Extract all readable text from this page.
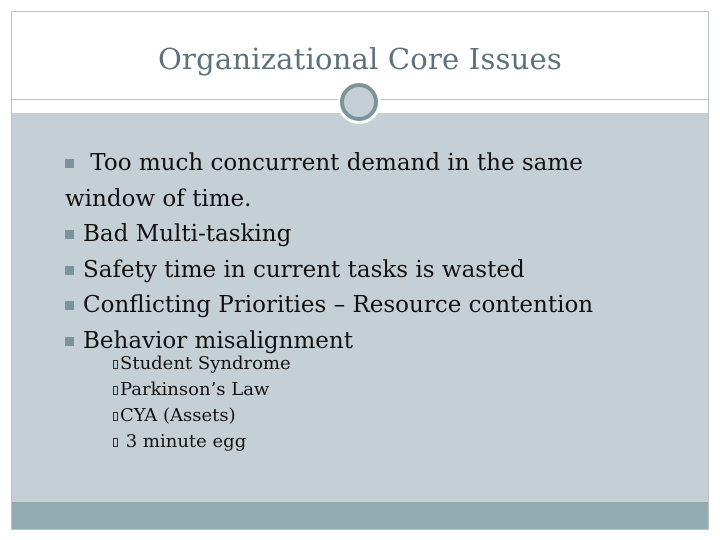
Organizational Core Issues
Too much concurrent demand in the same window of time.
Bad Multi-tasking
Safety time in current tasks is wasted
Conflicting Priorities – Resource contention
Behavior misalignment
Student Syndrome
Parkinson’s Law
CYA (Assets)
3 minute egg
